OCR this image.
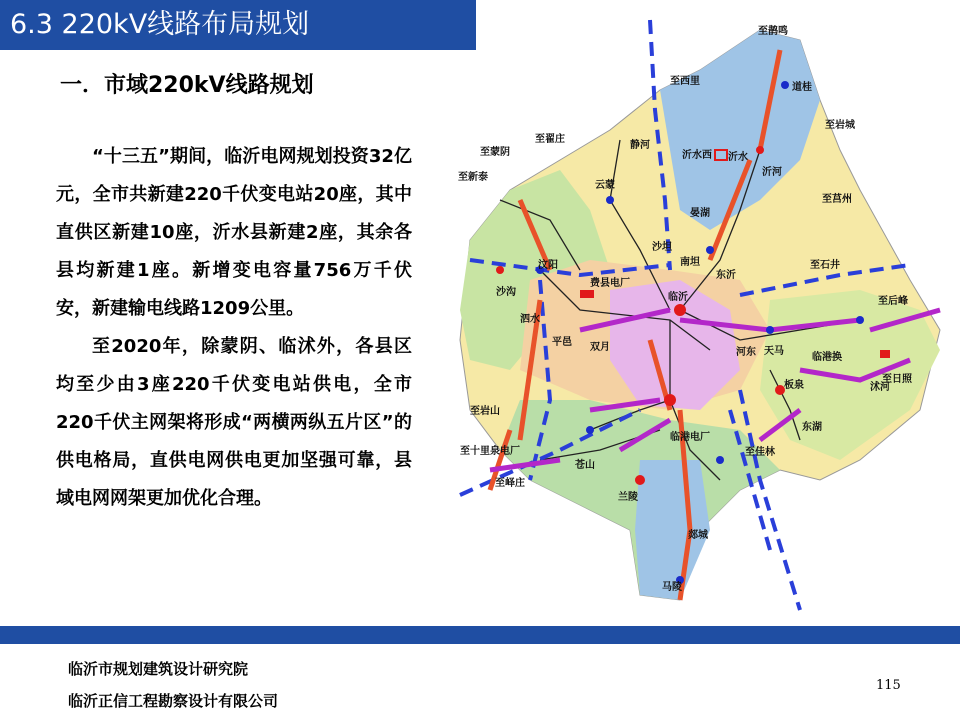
6.3 220kV线路布局规划
一．市域220kV线路规划

“十三五”期间，临沂电网规划投资32亿元，全市共新建220千伏变电站20座，其中直供区新建10座，沂水县新建2座，其余各县均新建1座。新增变电容量756万千伏安，新建输电线路1209公里。

至2020年，除蒙阴、临沭外，各县区均至少由3座220千伏变电站供电，全市220千伏主网架将形成“两横两纵五片区”的供电格局，直供电网供电更加坚强可靠，县域电网网架更加优化合理。

至鹊鸣
至西里
道桂
至岩城
至蒙阴
至翟庄
至新泰
静河
云蒙
沂水西 沂水
沂河
至莒州
晏湖
沙沟
至石井
沙坦
南坦
东沂
汶阳
泗水
平邑
费县电厂
临沂
双月	河东 天马
临港换
板泉	沭河
至后峰
至日照
临港电厂
苍山
至岩山
至十里泉电厂
至峄庄
兰陵
郯城
马陵
至佳林
东湖
临沂市规划建筑设计研究院
临沂正信工程勘察设计有限公司
115
